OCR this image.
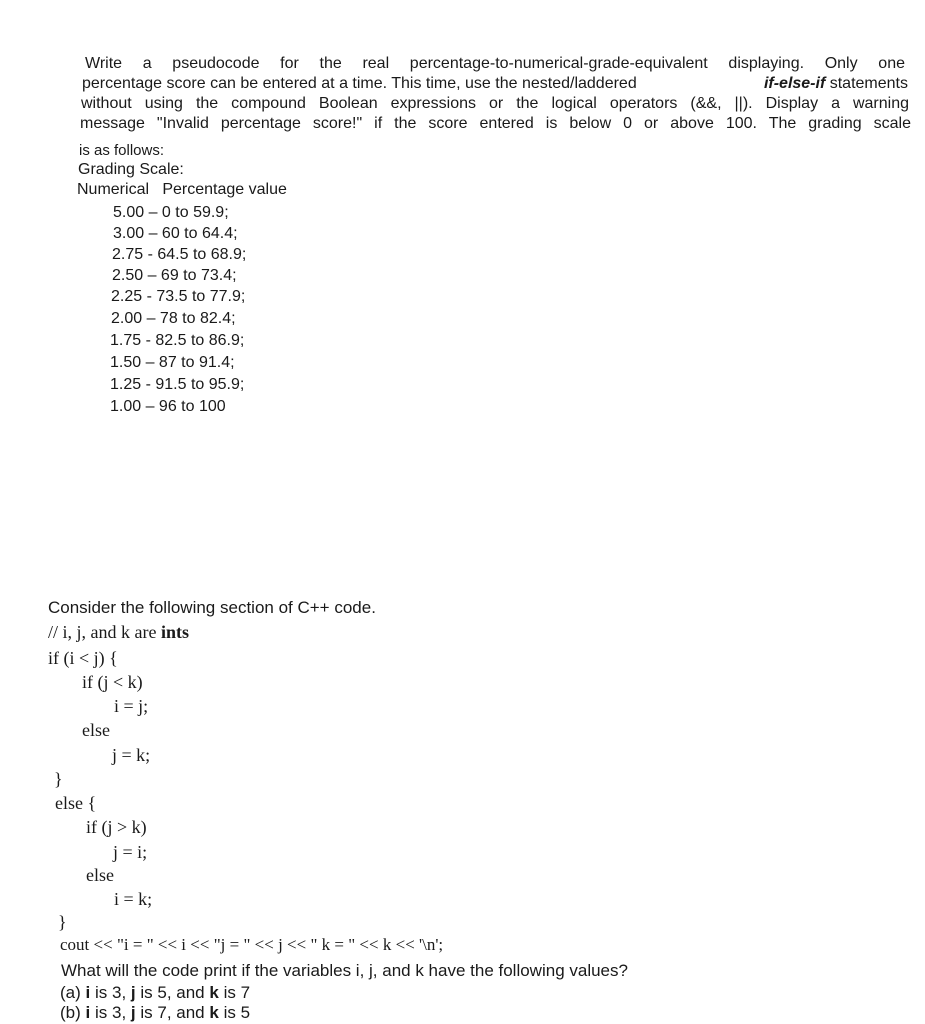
Write a pseudocode for the real percentage-to-numerical-grade-equivalent displaying. Only one
percentage score can be entered at a time. This time, use the nested/laddered	if-else-if statements
without using the compound Boolean expressions or the logical operators (&&, ||). Display a warning
message "Invalid percentage score!" if the score entered is below 0 or above 100. The grading scale
is as follows:
Grading Scale:
Numerical   Percentage value
5.00 – 0 to 59.9;
3.00 – 60 to 64.4;
2.75 - 64.5 to 68.9;
2.50 – 69 to 73.4;
2.25 - 73.5 to 77.9;
2.00 – 78 to 82.4;
1.75 - 82.5 to 86.9;
1.50 – 87 to 91.4;
1.25 - 91.5 to 95.9;
1.00 – 96 to 100
Consider the following section of C++ code.
// i, j, and k are ints
if (i < j) {
if (j < k)
i = j;
else
j = k;
}
else {
if (j > k)
j = i;
else
i = k;
}
cout << "i = " << i << "j = " << j << " k = " << k << '\n';
What will the code print if the variables i, j, and k have the following values?
(a) i is 3, j is 5, and k is 7
(b) i is 3, j is 7, and k is 5
